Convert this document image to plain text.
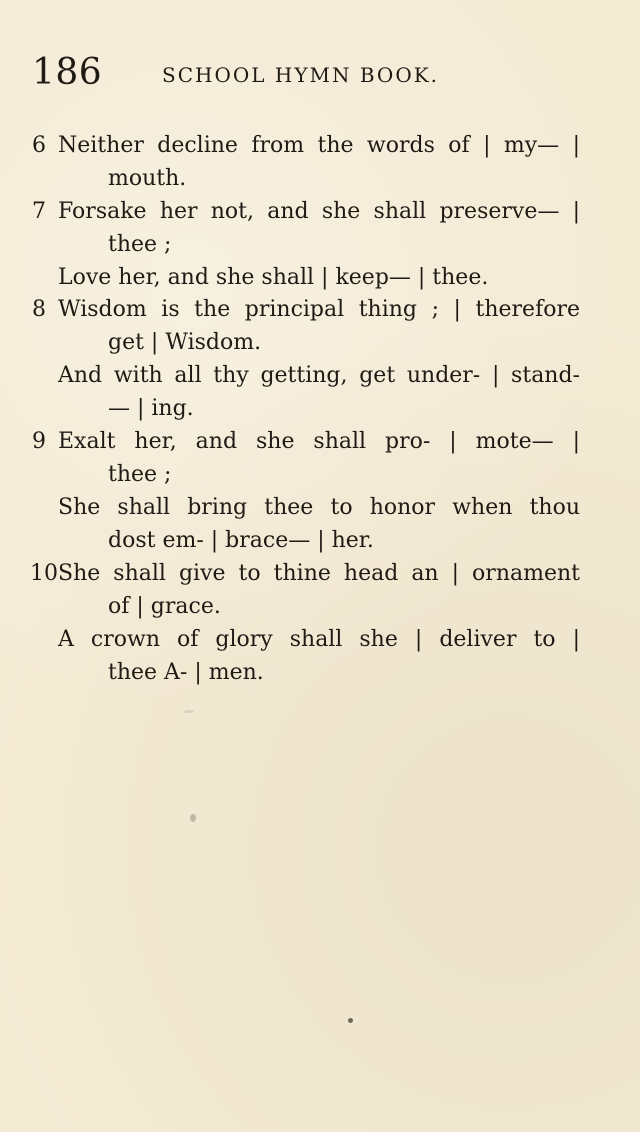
186	SCHOOL HYMN BOOK.
6 Neither decline from the words of | my— |
mouth.
7 Forsake her not, and she shall preserve— |
thee ;
Love her, and she shall | keep— | thee.
8 Wisdom is the principal thing ; | therefore
get | Wisdom.
And with all thy getting, get under- | stand-
— | ing.
9 Exalt her, and she shall pro- | mote— |
thee ;
She shall bring thee to honor when thou
dost em- | brace— | her.
10 She shall give to thine head an | ornament
of | grace.
A crown of glory shall she | deliver to |
thee A- | men.
